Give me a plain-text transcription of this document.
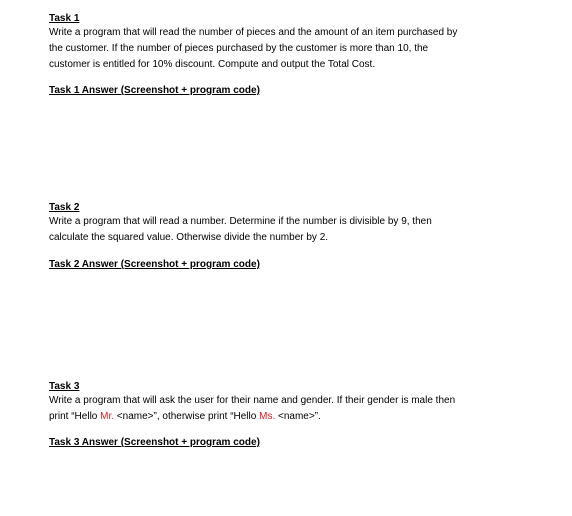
Task 1

Write a program that will read the number of pieces and the amount of an item purchased by
the customer. If the number of pieces purchased by the customer is more than 10, the
customer is entitled for 10% discount. Compute and output the Total Cost.

Task 1 Answer (Screenshot + program code)

Task 2

Write a program that will read a number. Determine if the number is divisible by 9, then
calculate the squared value. Otherwise divide the number by 2.

Task 2 Answer (Screenshot + program code)

Task 3

Write a program that will ask the user for their name and gender. If their gender is male then
print “Hello Mr. <name>”, otherwise print “Hello Ms. <name>”.

Task 3 Answer (Screenshot + program code)
